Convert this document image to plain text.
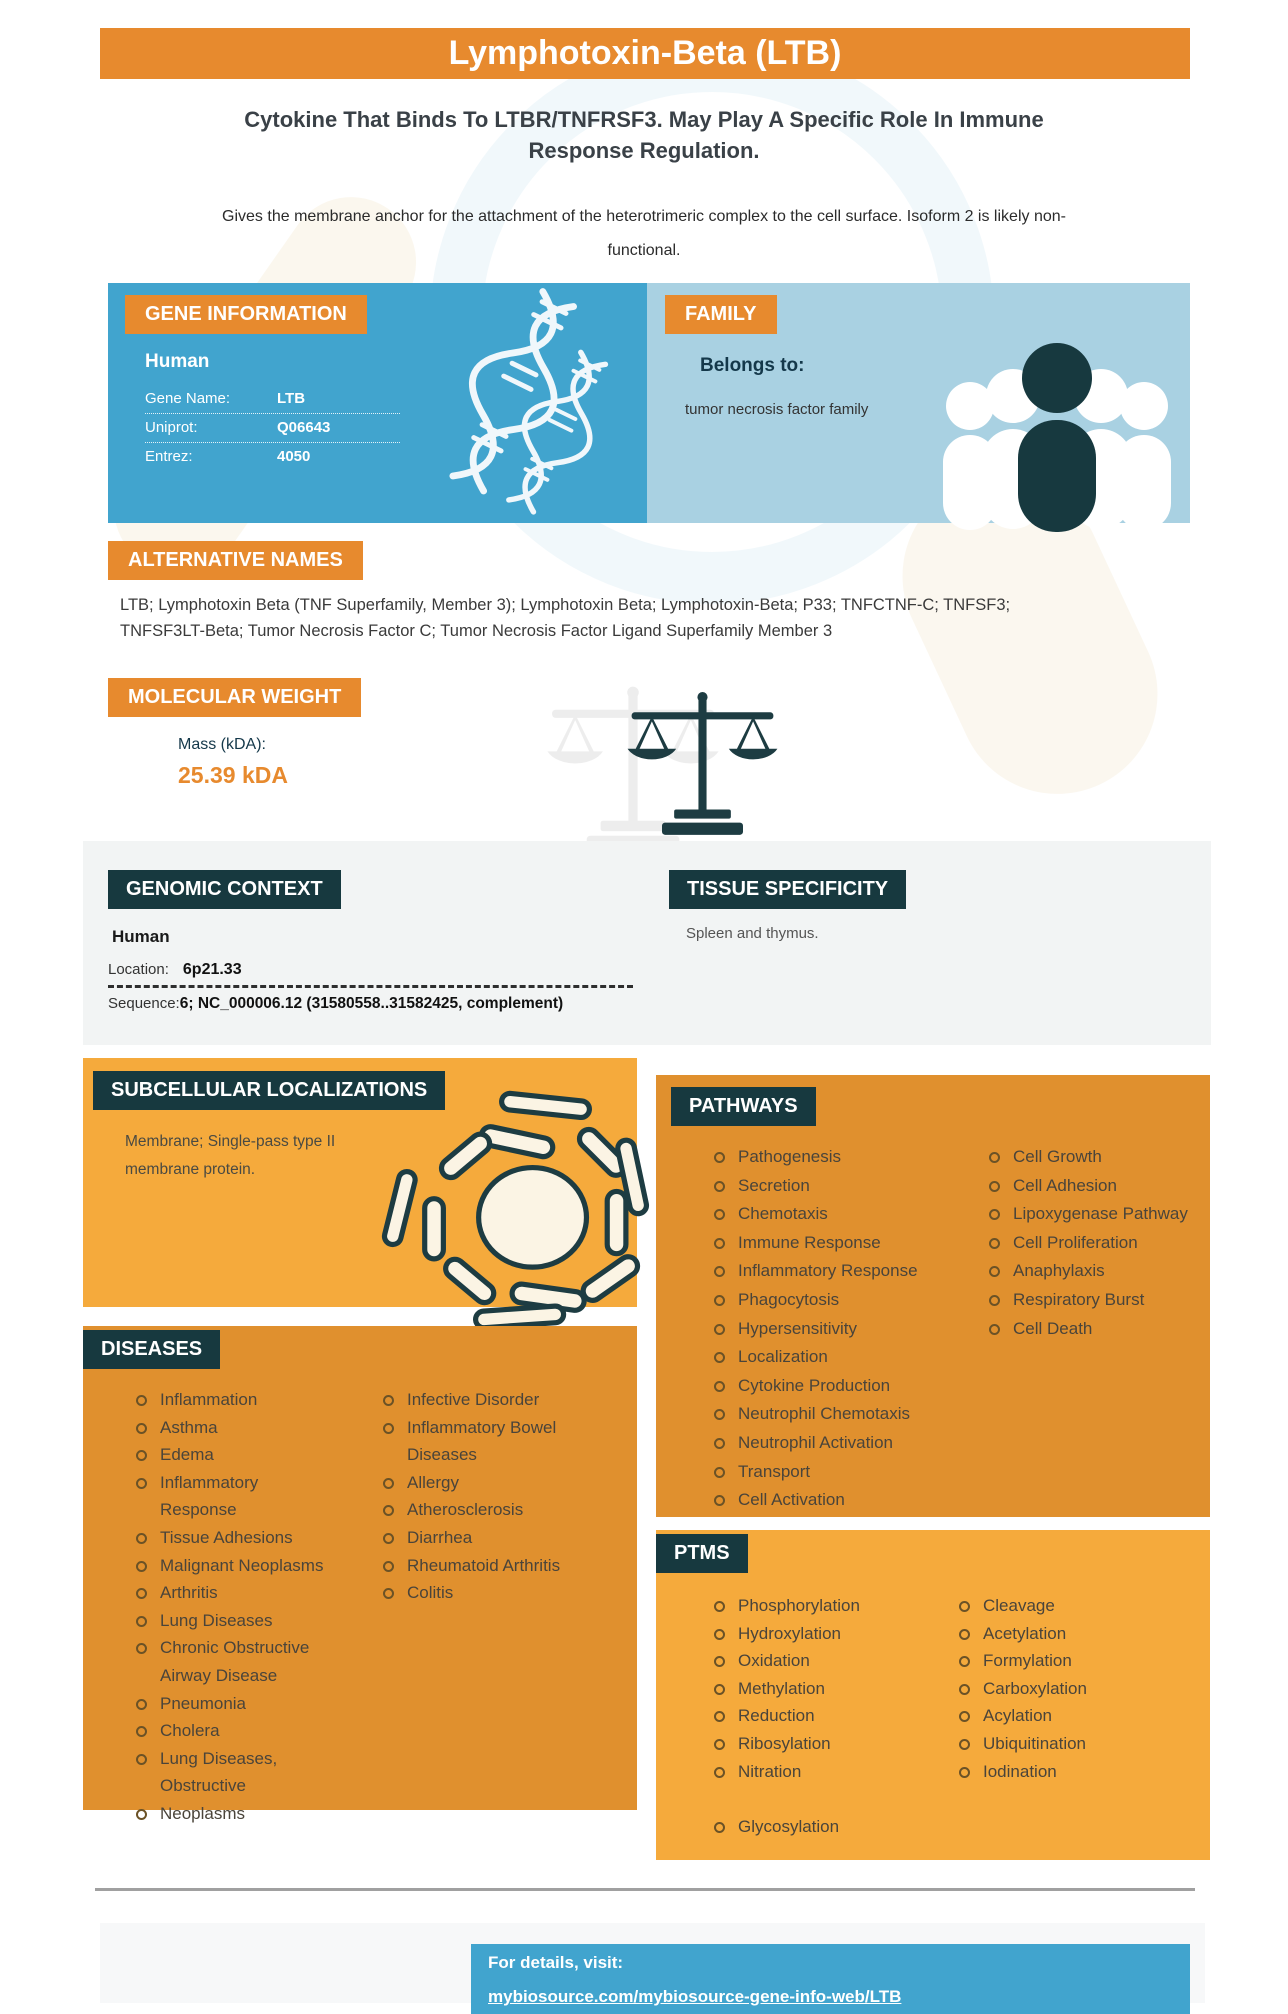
Lymphotoxin-Beta (LTB)
Cytokine That Binds To LTBR/TNFRSF3. May Play A Specific Role In Immune Response Regulation.
Gives the membrane anchor for the attachment of the heterotrimeric complex to the cell surface. Isoform 2 is likely non-functional.
GENE INFORMATION
Human
Gene Name:	LTB
Uniprot:	Q06643
Entrez:	4050
FAMILY
Belongs to:
tumor necrosis factor family
ALTERNATIVE NAMES
LTB; Lymphotoxin Beta (TNF Superfamily, Member 3); Lymphotoxin Beta; Lymphotoxin-Beta; P33; TNFCTNF-C; TNFSF3; TNFSF3LT-Beta; Tumor Necrosis Factor C; Tumor Necrosis Factor Ligand Superfamily Member 3
MOLECULAR WEIGHT
Mass (kDA):
25.39 kDA
GENOMIC CONTEXT
Human
Location: 6p21.33
Sequence:6; NC_000006.12 (31580558..31582425, complement)
TISSUE SPECIFICITY
Spleen and thymus.
SUBCELLULAR LOCALIZATIONS
Membrane; Single-pass type II membrane protein.
PATHWAYS
Pathogenesis
Secretion
Chemotaxis
Immune Response
Inflammatory Response
Phagocytosis
Hypersensitivity
Localization
Cytokine Production
Neutrophil Chemotaxis
Neutrophil Activation
Transport
Cell Activation
Cell Growth
Cell Adhesion
Lipoxygenase Pathway
Cell Proliferation
Anaphylaxis
Respiratory Burst
Cell Death
DISEASES
Inflammation
Asthma
Edema
Inflammatory Response
Tissue Adhesions
Malignant Neoplasms
Arthritis
Lung Diseases
Chronic Obstructive Airway Disease
Pneumonia
Cholera
Lung Diseases, Obstructive
Neoplasms
Infective Disorder
Inflammatory Bowel Diseases
Allergy
Atherosclerosis
Diarrhea
Rheumatoid Arthritis
Colitis
PTMS
Phosphorylation
Hydroxylation
Oxidation
Methylation
Reduction
Ribosylation
Nitration
Glycosylation
Cleavage
Acetylation
Formylation
Carboxylation
Acylation
Ubiquitination
Iodination
For details, visit:
mybiosource.com/mybiosource-gene-info-web/LTB
